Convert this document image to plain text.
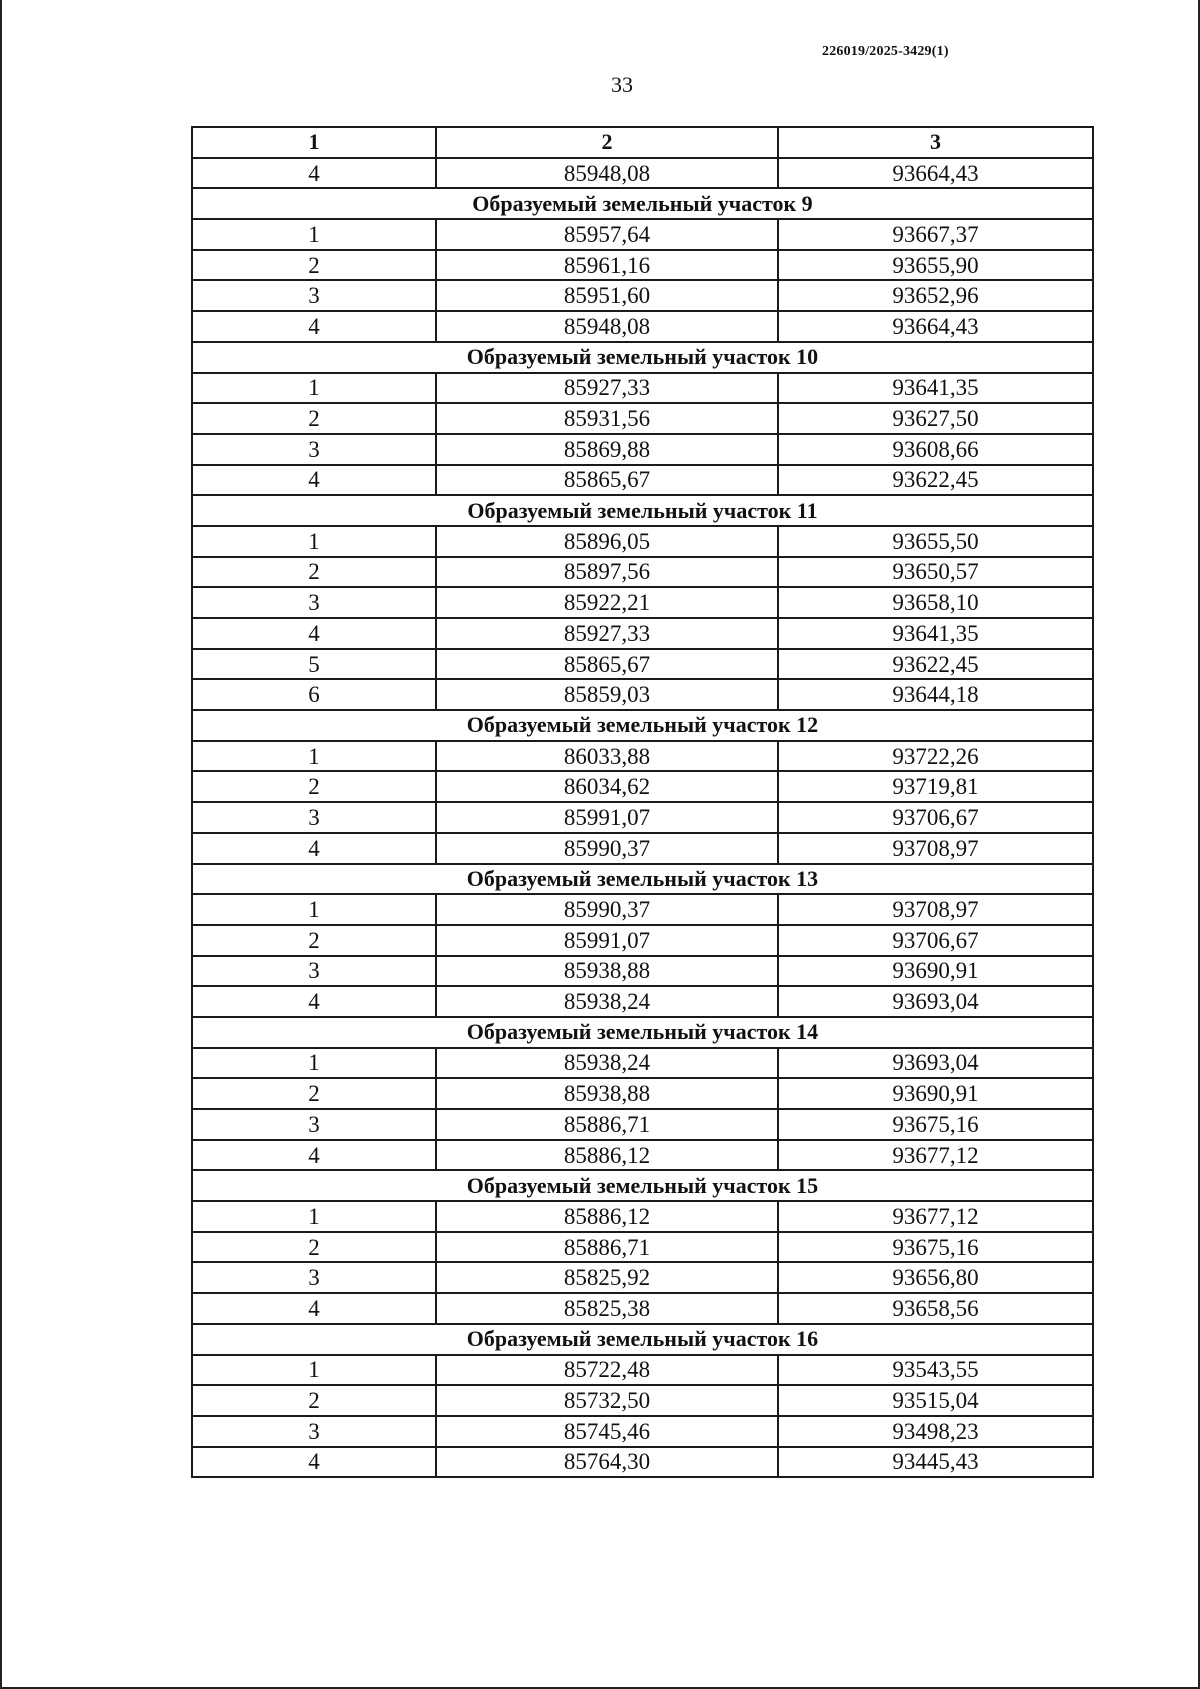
226019/2025-3429(1)
33
1	2	3
4	85948,08	93664,43
Образуемый земельный участок 9		
1	85957,64	93667,37
2	85961,16	93655,90
3	85951,60	93652,96
4	85948,08	93664,43
Образуемый земельный участок 10		
1	85927,33	93641,35
2	85931,56	93627,50
3	85869,88	93608,66
4	85865,67	93622,45
Образуемый земельный участок 11		
1	85896,05	93655,50
2	85897,56	93650,57
3	85922,21	93658,10
4	85927,33	93641,35
5	85865,67	93622,45
6	85859,03	93644,18
Образуемый земельный участок 12		
1	86033,88	93722,26
2	86034,62	93719,81
3	85991,07	93706,67
4	85990,37	93708,97
Образуемый земельный участок 13		
1	85990,37	93708,97
2	85991,07	93706,67
3	85938,88	93690,91
4	85938,24	93693,04
Образуемый земельный участок 14		
1	85938,24	93693,04
2	85938,88	93690,91
3	85886,71	93675,16
4	85886,12	93677,12
Образуемый земельный участок 15		
1	85886,12	93677,12
2	85886,71	93675,16
3	85825,92	93656,80
4	85825,38	93658,56
Образуемый земельный участок 16		
1	85722,48	93543,55
2	85732,50	93515,04
3	85745,46	93498,23
4	85764,30	93445,43
